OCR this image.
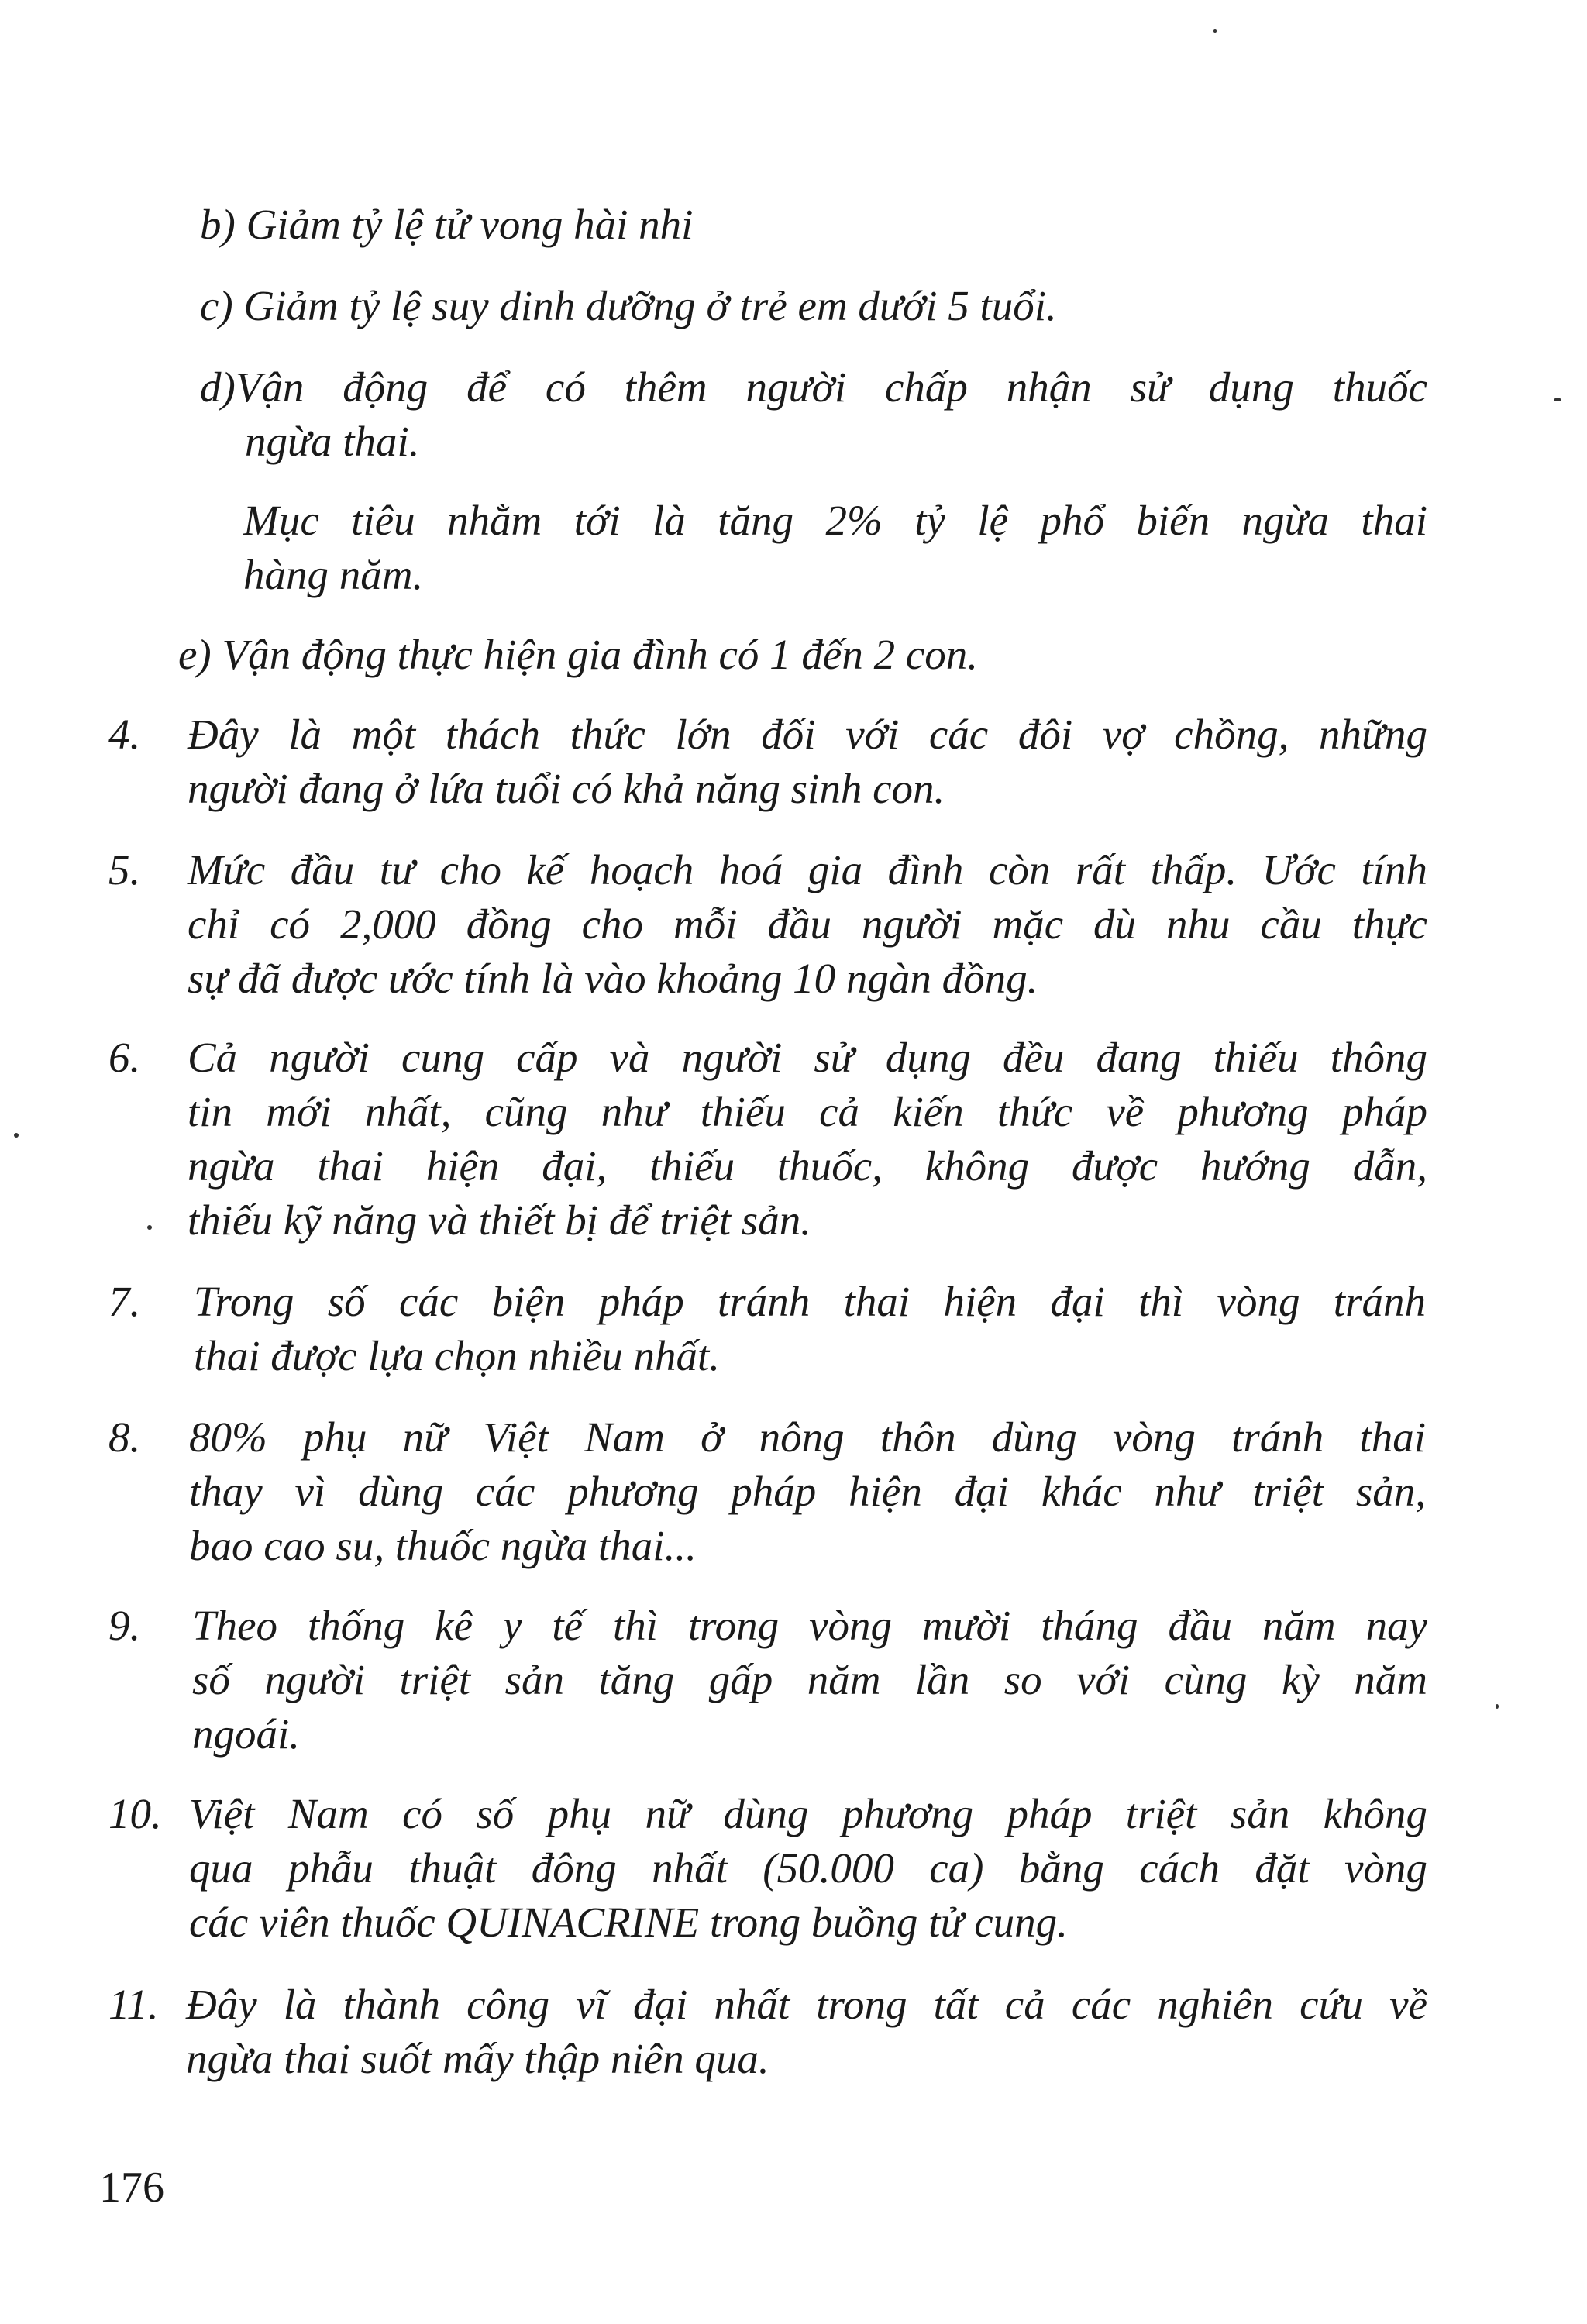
b) Giảm tỷ lệ tử vong hài nhi
c) Giảm tỷ lệ suy dinh dưỡng ở trẻ em dưới 5 tuổi.
d)Vận động để có thêm người chấp nhận sử dụng thuốc
ngừa thai.
Mục tiêu nhằm tới là tăng 2% tỷ lệ phổ biến ngừa thai
hàng năm.
e) Vận động thực hiện gia đình có 1 đến 2 con.
4.	Đây là một thách thức lớn đối với các đôi vợ chồng, những
người đang ở lứa tuổi có khả năng sinh con.
5.	Mức đầu tư cho kế hoạch hoá gia đình còn rất thấp. Ước tính
chỉ có 2,000 đồng cho mỗi đầu người mặc dù nhu cầu thực
sự đã được ước tính là vào khoảng 10 ngàn đồng.
6.	Cả người cung cấp và người sử dụng đều đang thiếu thông
tin mới nhất, cũng như thiếu cả kiến thức về phương pháp
ngừa thai hiện đại, thiếu thuốc, không được hướng dẫn,
thiếu kỹ năng và thiết bị để triệt sản.
7.	Trong số các biện pháp tránh thai hiện đại thì vòng tránh
thai được lựa chọn nhiều nhất.
8.	80% phụ nữ Việt Nam ở nông thôn dùng vòng tránh thai
thay vì dùng các phương pháp hiện đại khác như triệt sản,
bao cao su, thuốc ngừa thai...
9.	Theo thống kê y tế thì trong vòng mười tháng đầu năm nay
số người triệt sản tăng gấp năm lần so với cùng kỳ năm
ngoái.
10. Việt Nam có số phụ nữ dùng phương pháp triệt sản không
qua phẫu thuật đông nhất (50.000 ca) bằng cách đặt vòng
các viên thuốc QUINACRINE trong buồng tử cung.
11. Đây là thành công vĩ đại nhất trong tất cả các nghiên cứu về
ngừa thai suốt mấy thập niên qua.
176
